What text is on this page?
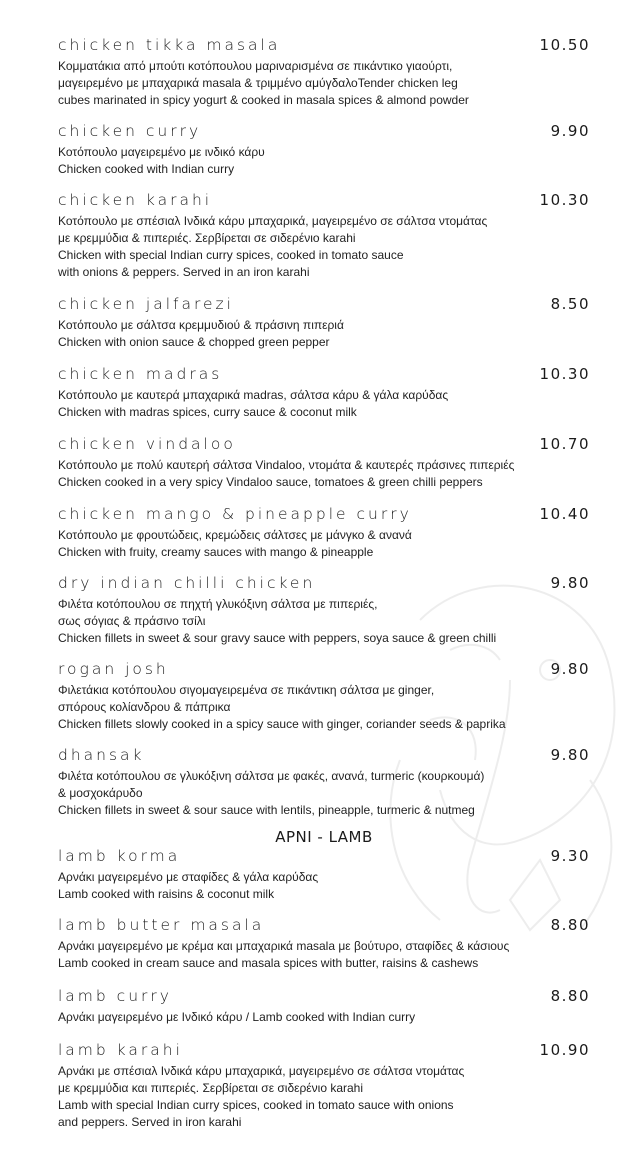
chicken tikka masala	10.50
Κομματάκια από μπούτι κοτόπουλου μαριναρισμένα σε πικάντικο γιαούρτι,
μαγειρεμένο με μπαχαρικά masala & τριμμένο αμύγδαλοTender chicken leg
cubes marinated in spicy yogurt & cooked in masala spices & almond powder
chicken curry	9.90
Κοτόπουλο μαγειρεμένο με ινδικό κάρυ
Chicken cooked with Indian curry
chicken karahi	10.30
Κοτόπουλο με σπέσιαλ Ινδικά κάρυ μπαχαρικά, μαγειρεμένο σε σάλτσα ντομάτας
με κρεμμύδια & πιπεριές. Σερβίρεται σε σιδερένιο karahi
Chicken with special Indian curry spices, cooked in tomato sauce
with onions & peppers. Served in an iron karahi
chicken jalfarezi	8.50
Κοτόπουλο με σάλτσα κρεμμυδιού & πράσινη πιπεριά
Chicken with onion sauce & chopped green pepper
chicken madras	10.30
Κοτόπουλο με καυτερά μπαχαρικά madras, σάλτσα κάρυ & γάλα καρύδας
Chicken with madras spices, curry sauce & coconut milk
chicken vindaloo	10.70
Κοτόπουλο με πολύ καυτερή σάλτσα Vindaloo, ντομάτα & καυτερές πράσινες πιπεριές
Chicken cooked in a very spicy Vindaloo sauce, tomatoes & green chilli peppers
chicken mango & pineapple curry	10.40
Κοτόπουλο με φρουτώδεις, κρεμώδεις σάλτσες με μάνγκο & ανανά
Chicken with fruity, creamy sauces with mango & pineapple
dry indian chilli chicken	9.80
Φιλέτα κοτόπουλου σε πηχτή γλυκόξινη σάλτσα με πιπεριές,
σως σόγιας & πράσινο τσίλι
Chicken fillets in sweet & sour gravy sauce with peppers, soya sauce & green chilli
rogan josh	9.80
Φιλετάκια κοτόπουλου σιγομαγειρεμένα σε πικάντικη σάλτσα με ginger,
σπόρους κολίανδρου & πάπρικα
Chicken fillets slowly cooked in a spicy sauce with ginger, coriander seeds & paprika
dhansak	9.80
Φιλέτα κοτόπουλου σε γλυκόξινη σάλτσα με φακές, ανανά, turmeric (κουρκουμά)
& μοσχοκάρυδο
Chicken fillets in sweet & sour sauce with lentils, pineapple, turmeric & nutmeg
ΑΡΝΙ - LAMB
lamb korma	9.30
Αρνάκι μαγειρεμένο με σταφίδες & γάλα καρύδας
Lamb cooked with raisins & coconut milk
lamb butter masala	8.80
Αρνάκι μαγειρεμένο με κρέμα και μπαχαρικά masala με βούτυρο, σταφίδες & κάσιους
Lamb cooked in cream sauce and masala spices with butter, raisins & cashews
lamb curry	8.80
Αρνάκι μαγειρεμένο με Ινδικό κάρυ / Lamb cooked with Indian curry
lamb karahi	10.90
Αρνάκι με σπέσιαλ Ινδικά κάρυ μπαχαρικά, μαγειρεμένο σε σάλτσα ντομάτας
με κρεμμύδια και πιπεριές. Σερβίρεται σε σιδερένιο karahi
Lamb with special Indian curry spices, cooked in tomato sauce with onions
and peppers. Served in iron karahi
